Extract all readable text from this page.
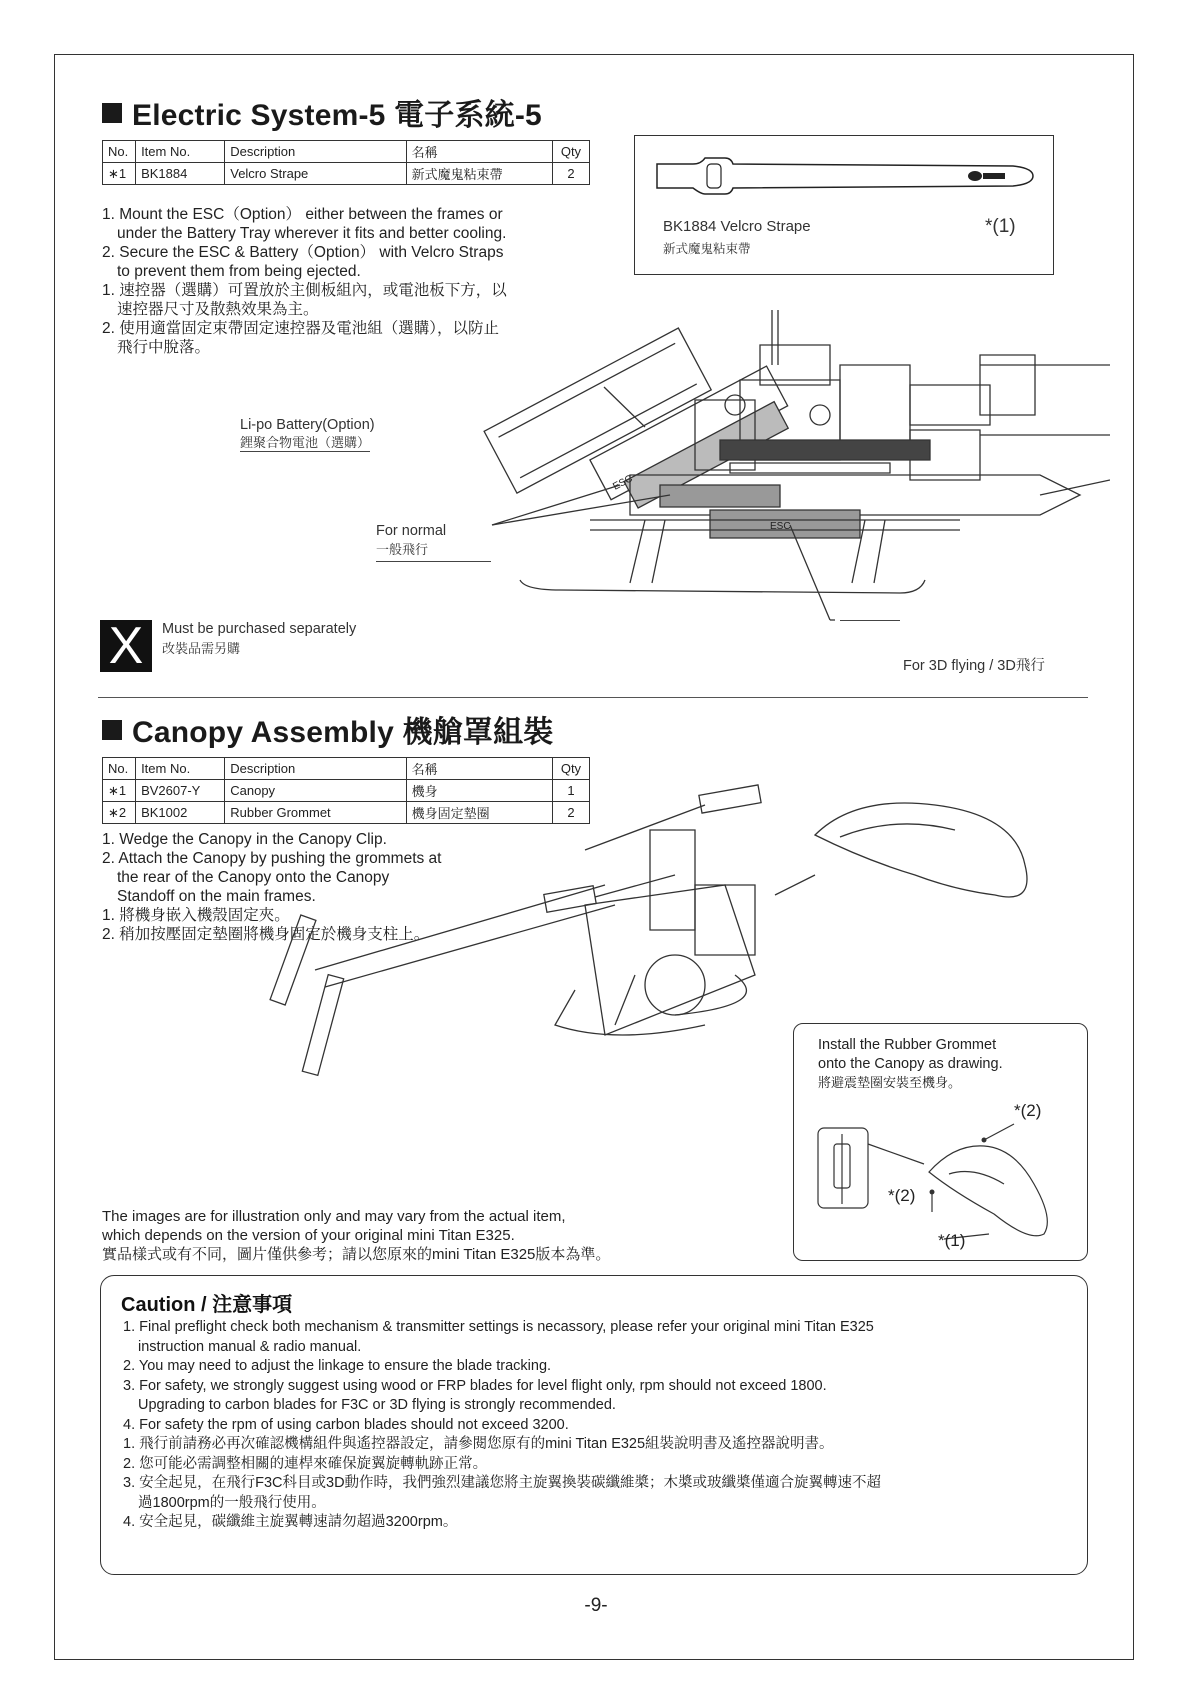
Electric System-5 電子系統-5
No.	Item No.	Description	名稱	Qty
∗1	BK1884	Velcro Strape	新式魔鬼粘束帶	2

1. Mount the ESC（Option） either between the frames or

under the Battery Tray wherever it fits and better cooling.

2. Secure the ESC & Battery（Option） with Velcro Straps

to prevent them from being ejected.

1. 速控器（選購）可置放於主側板組內，或電池板下方，以

速控器尺寸及散熱效果為主。

2. 使用適當固定束帶固定速控器及電池組（選購），以防止

飛行中脫落。

BK1884 Velcro Strape
新式魔鬼粘束帶
*(1)
ESC
ESC
Li-po Battery(Option)
鋰聚合物電池（選購）
For normal
一般飛行
For 3D flying / 3D飛行
X	Must be purchased separately
改裝品需另購
Canopy Assembly 機艙罩組裝
No.	Item No.	Description	名稱	Qty
∗1	BV2607-Y	Canopy	機身	1
∗2	BK1002	Rubber Grommet	機身固定墊圈	2

1. Wedge the Canopy in the Canopy Clip.

2. Attach the Canopy by pushing the grommets at

the rear of the Canopy onto the Canopy

Standoff on the main frames.

1. 將機身嵌入機殼固定夾。

2. 稍加按壓固定墊圈將機身固定於機身支柱上。

Install the Rubber Grommet
onto the Canopy as drawing.
將避震墊圈安裝至機身。
*(2)
*(2)
*(1)

The images are for illustration only and may vary from the actual item,

which depends on the version of your original mini Titan E325.

實品樣式或有不同，圖片僅供參考；請以您原來的mini Titan E325版本為準。

Caution / 注意事項

1. Final preflight check both mechanism & transmitter settings is necassory, please refer your original mini Titan E325

instruction manual & radio manual.

2. You may need to adjust the linkage to ensure the blade tracking.

3. For safety, we strongly suggest using wood or FRP blades for level flight only, rpm should not exceed 1800.

Upgrading to carbon blades for F3C or 3D flying is strongly recommended.

4. For safety the rpm of using carbon blades should not exceed 3200.

1. 飛行前請務必再次確認機構組件與遙控器設定，請參閱您原有的mini Titan E325組裝說明書及遙控器說明書。

2. 您可能必需調整相關的連桿來確保旋翼旋轉軌跡正常。

3. 安全起見，在飛行F3C科目或3D動作時，我們強烈建議您將主旋翼換裝碳纖維槳；木槳或玻纖槳僅適合旋翼轉速不超

過1800rpm的一般飛行使用。

4. 安全起見，碳纖維主旋翼轉速請勿超過3200rpm。

-9-
